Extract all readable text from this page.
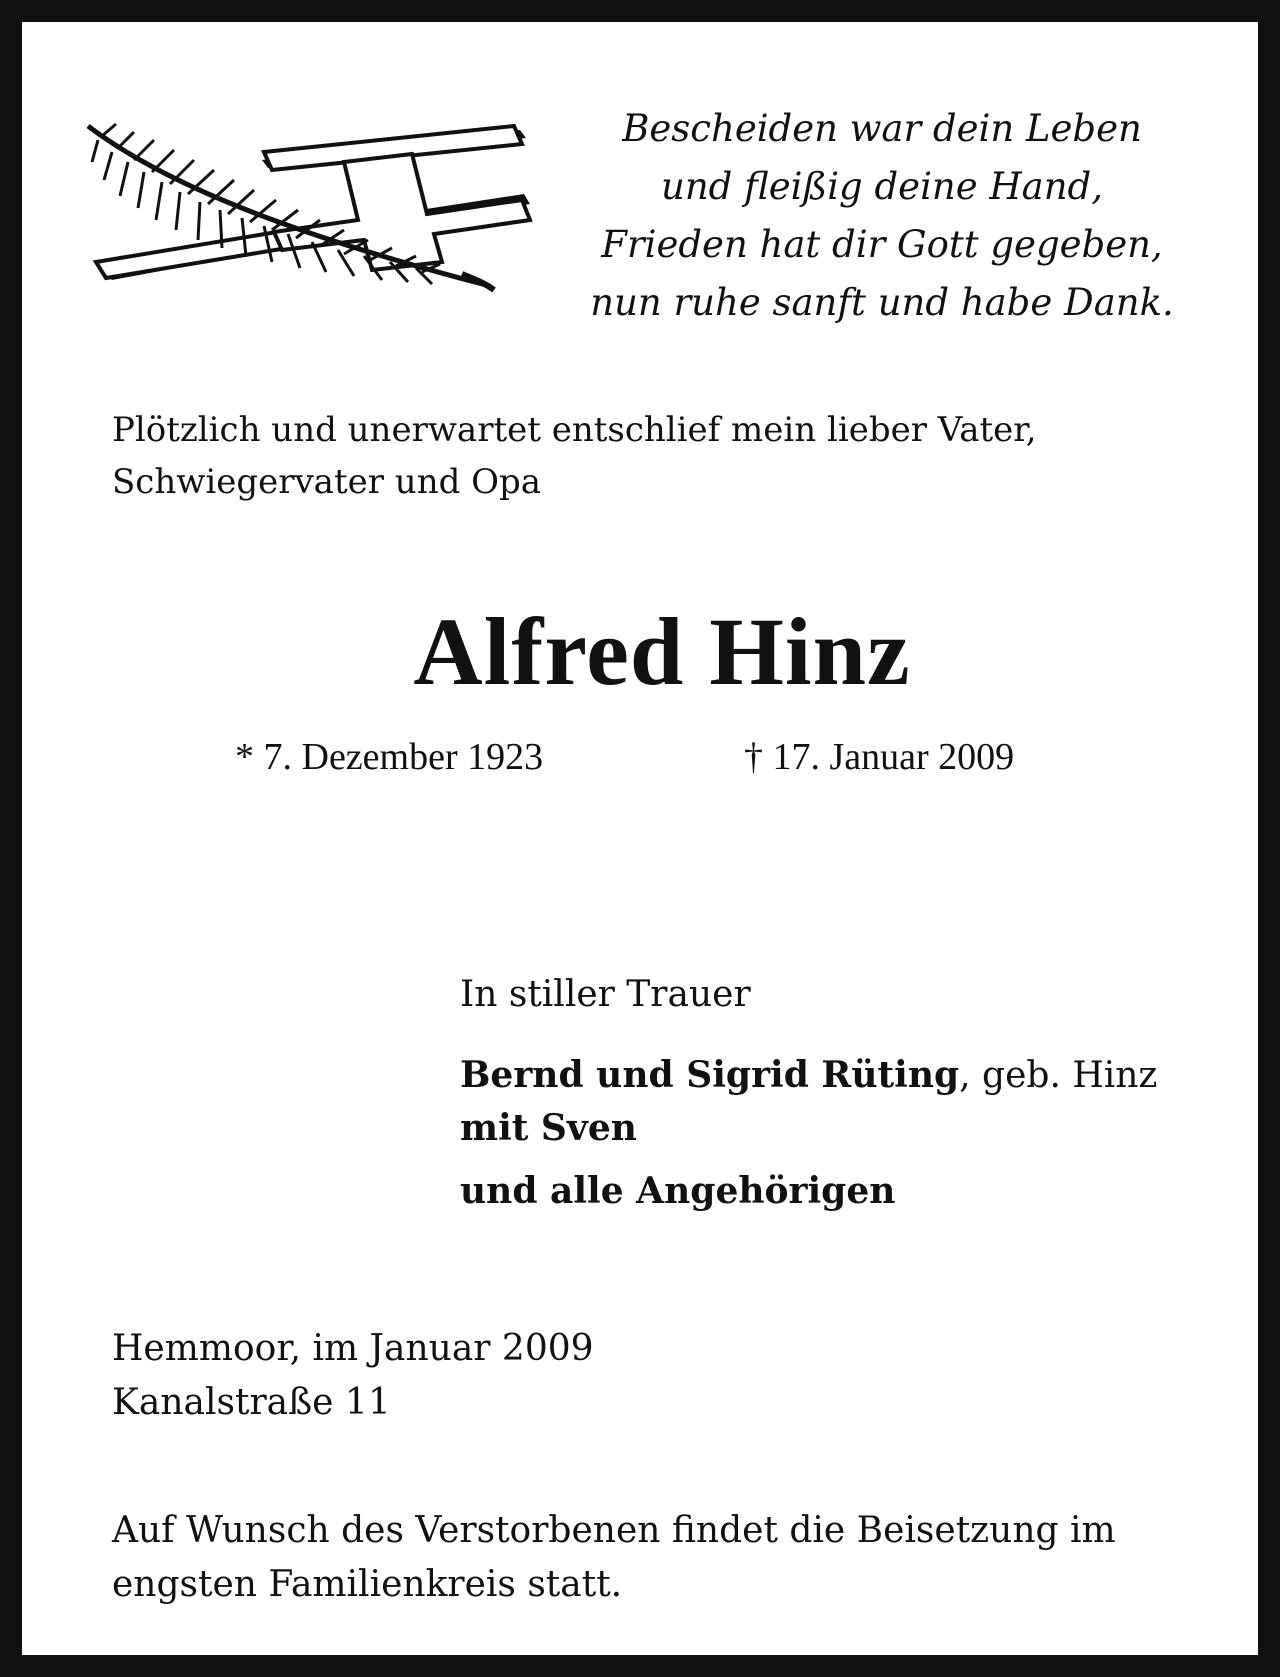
Bescheiden war dein Leben
und fleißig deine Hand,
Frieden hat dir Gott gegeben,
nun ruhe sanft und habe Dank.
Plötzlich und unerwartet entschlief mein lieber Vater,
Schwiegervater und Opa
Alfred Hinz
* 7. Dezember 1923	† 17. Januar 2009
In stiller Trauer
Bernd und Sigrid Rüting, geb. Hinz
mit Sven
und alle Angehörigen
Hemmoor, im Januar 2009
Kanalstraße 11
Auf Wunsch des Verstorbenen findet die Beisetzung im
engsten Familienkreis statt.
